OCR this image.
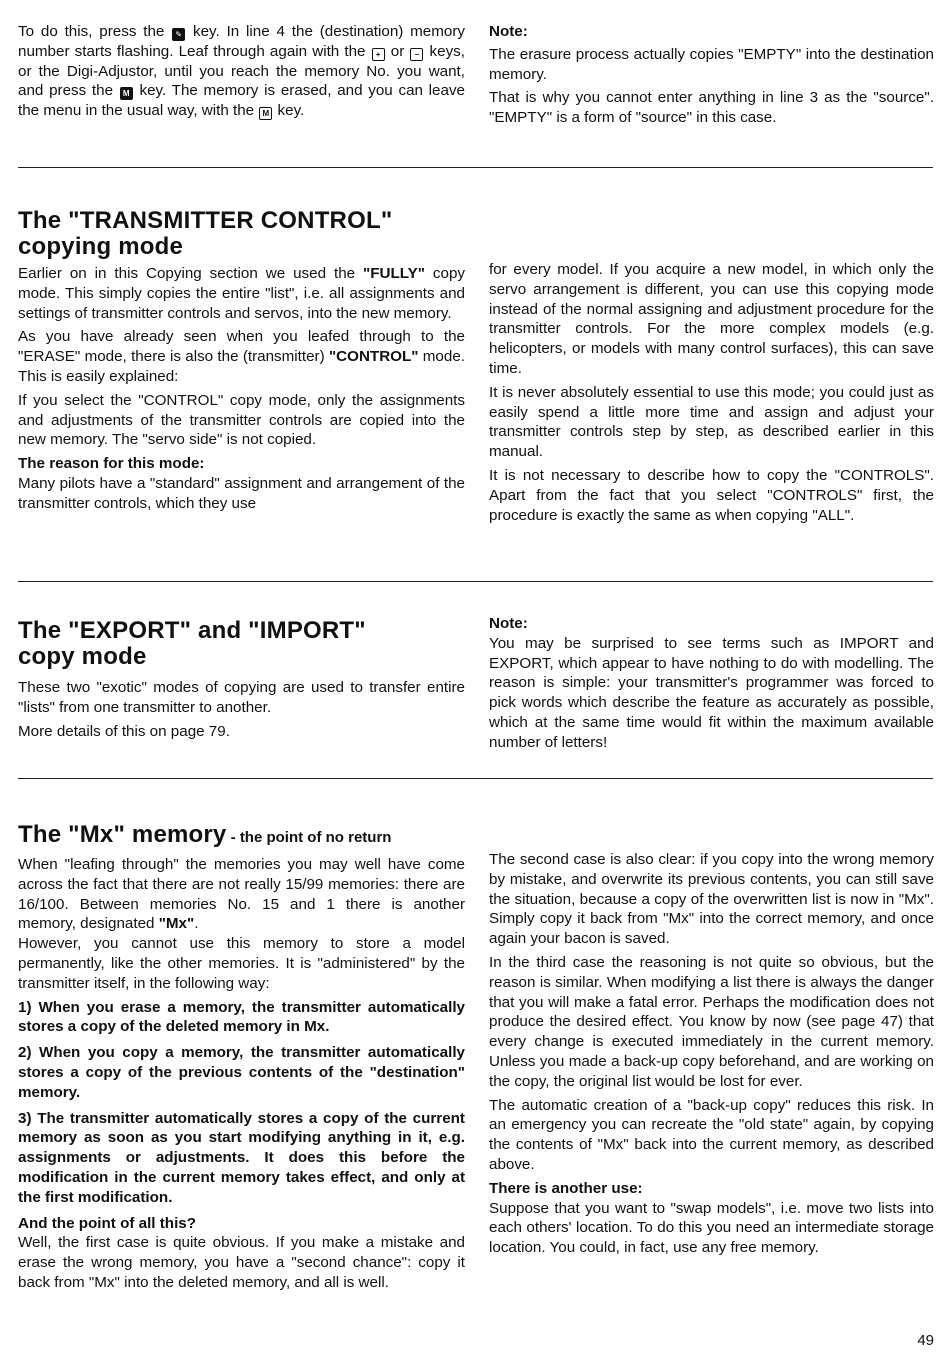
To do this, press the ✎ key. In line 4 the (destination) memory number starts flashing. Leaf through again with the + or − keys, or the Digi-Adjustor, until you reach the memory No. you want, and press the M key. The memory is erased, and you can leave the menu in the usual way, with the M key.

Note:

The erasure process actually copies "EMPTY" into the destination memory.

That is why you cannot enter anything in line 3 as the "source". "EMPTY" is a form of "source" in this case.

The "TRANSMITTER CONTROL"
copying mode

Earlier on in this Copying section we used the "FULLY" copy mode. This simply copies the entire "list", i.e. all assignments and settings of transmitter controls and servos, into the new memory.

As you have already seen when you leafed through to the "ERASE" mode, there is also the (transmitter) "CONTROL" mode. This is easily explained:

If you select the "CONTROL" copy mode, only the assignments and adjustments of the transmitter controls are copied into the new memory. The "servo side" is not copied.

The reason for this mode:

Many pilots have a "standard" assignment and arrangement of the transmitter controls, which they use

for every model. If you acquire a new model, in which only the servo arrangement is different, you can use this copying mode instead of the normal assigning and adjustment procedure for the transmitter controls. For the more complex models (e.g. helicopters, or models with many control surfaces), this can save time.

It is never absolutely essential to use this mode; you could just as easily spend a little more time and assign and adjust your transmitter controls step by step, as described earlier in this manual.

It is not necessary to describe how to copy the "CONTROLS". Apart from the fact that you select "CONTROLS" first, the procedure is exactly the same as when copying "ALL".

The "EXPORT" and "IMPORT"
copy mode

These two "exotic" modes of copying are used to transfer entire "lists" from one transmitter to another.

More details of this on page 79.

Note:

You may be surprised to see terms such as IMPORT and EXPORT, which appear to have nothing to do with modelling. The reason is simple: your transmitter's programmer was forced to pick words which describe the feature as accurately as possible, which at the same time would fit within the maximum available number of letters!

The "Mx" memory - the point of no return

When "leafing through" the memories you may well have come across the fact that there are not really 15/99 memories: there are 16/100. Between memories No. 15 and 1 there is another memory, designated "Mx".

However, you cannot use this memory to store a model permanently, like the other memories. It is "administered" by the transmitter itself, in the following way:

1) When you erase a memory, the transmitter automatically stores a copy of the deleted memory in Mx.

2) When you copy a memory, the transmitter automatically stores a copy of the previous contents of the "destination" memory.

3) The transmitter automatically stores a copy of the current memory as soon as you start modifying anything in it, e.g. assignments or adjustments. It does this before the modification in the current memory takes effect, and only at the first modification.

And the point of all this?

Well, the first case is quite obvious. If you make a mistake and erase the wrong memory, you have a "second chance": copy it back from "Mx" into the deleted memory, and all is well.

The second case is also clear: if you copy into the wrong memory by mistake, and overwrite its previous contents, you can still save the situation, because a copy of the overwritten list is now in "Mx". Simply copy it back from "Mx" into the correct memory, and once again your bacon is saved.

In the third case the reasoning is not quite so obvious, but the reason is similar. When modifying a list there is always the danger that you will make a fatal error. Perhaps the modification does not produce the desired effect. You know by now (see page 47) that every change is executed immediately in the current memory. Unless you made a back-up copy beforehand, and are working on the copy, the original list would be lost for ever.

The automatic creation of a "back-up copy" reduces this risk. In an emergency you can recreate the "old state" again, by copying the contents of "Mx" back into the current memory, as described above.

There is another use:

Suppose that you want to "swap models", i.e. move two lists into each others' location. To do this you need an intermediate storage location. You could, in fact, use any free memory.

49
